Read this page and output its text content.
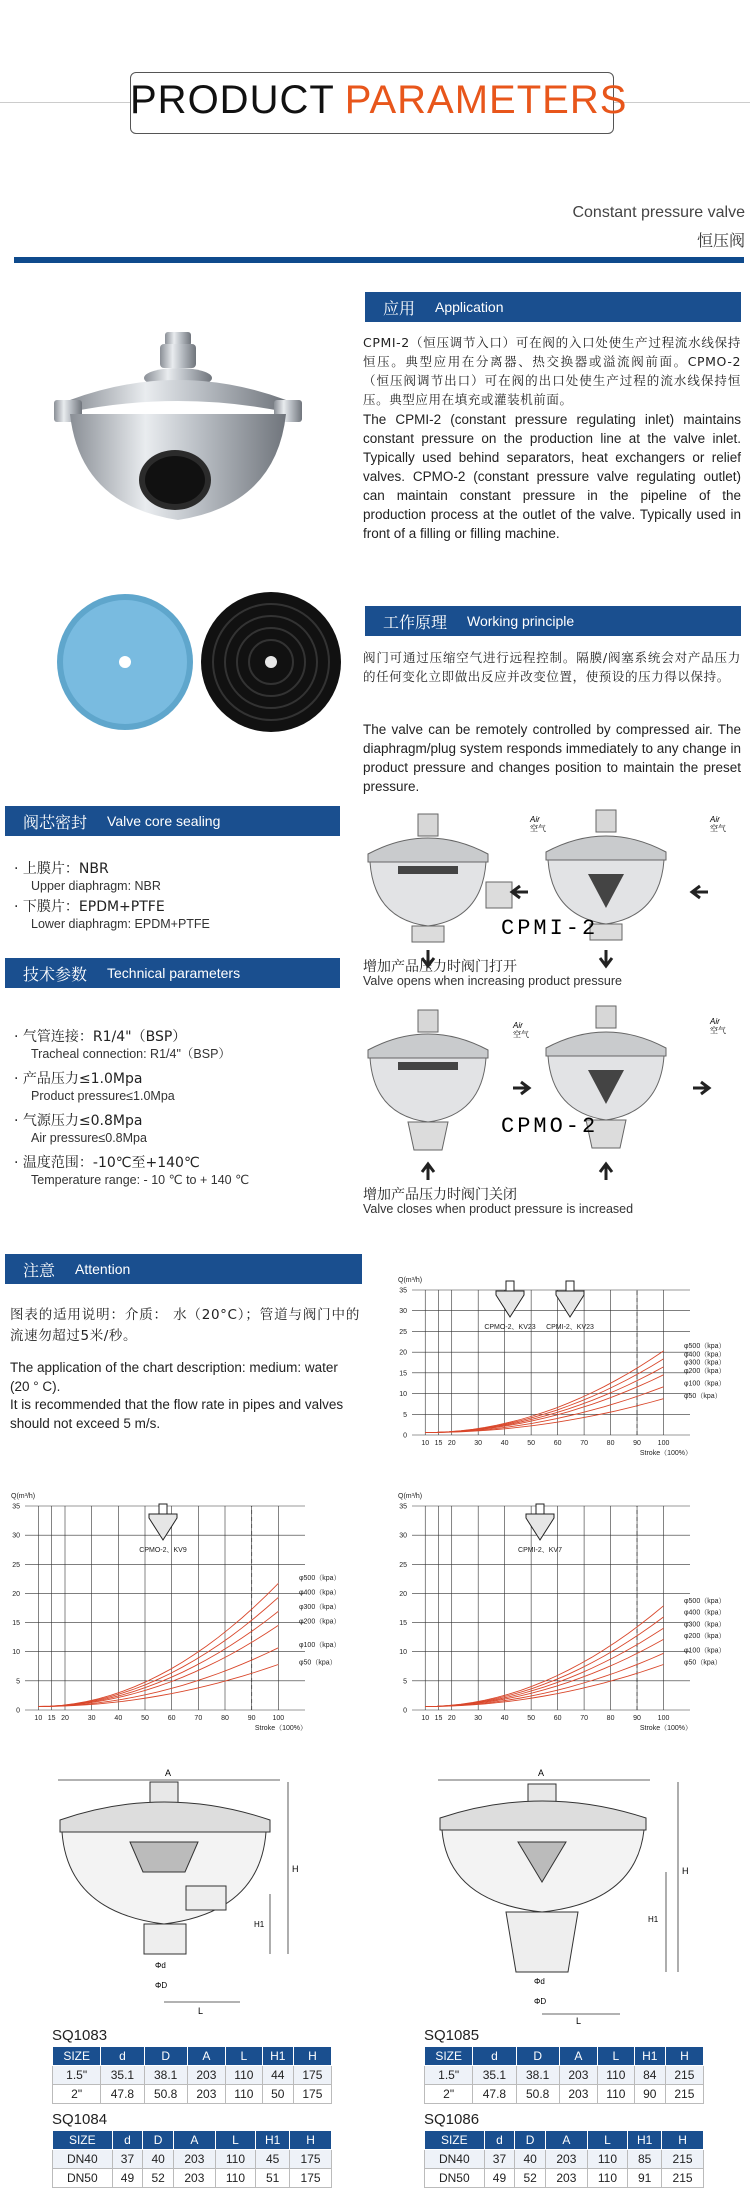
PRODUCT PARAMETERS
Constant pressure valve
恒压阀
应用 Application
CPMI-2（恒压调节入口）可在阀的入口处使生产过程流水线保持恒压。典型应用在分离器、热交换器或溢流阀前面。CPMO-2（恒压阀调节出口）可在阀的出口处使生产过程的流水线保持恒压。典型应用在填充或灌装机前面。
The CPMI-2 (constant pressure regulating inlet) maintains constant pressure on the production line at the valve inlet. Typically used behind separators, heat exchangers or relief valves. CPMO-2 (constant pressure valve regulating outlet) can maintain constant pressure in the pipeline of the production process at the outlet of the valve. Typically used in front of a filling or filling machine.
工作原理 Working principle
阀门可通过压缩空气进行远程控制。隔膜/阀塞系统会对产品压力的任何变化立即做出反应并改变位置，使预设的压力得以保持。
The valve can be remotely controlled by compressed air. The diaphragm/plug system responds immediately to any change in product pressure and changes position to maintain the preset pressure.
阀芯密封 Valve core sealing
· 上膜片：NBR
Upper diaphragm: NBR
· 下膜片：EPDM+PTFE
Lower diaphragm: EPDM+PTFE
技术参数 Technical parameters
· 气管连接：R1/4"（BSP）
Tracheal connection: R1/4"（BSP）
· 产品压力≤1.0Mpa
Product pressure≤1.0Mpa
· 气源压力≤0.8Mpa
Air pressure≤0.8Mpa
· 温度范围：-10℃至+140℃
Temperature range: - 10 ℃ to + 140 ℃
Air
空气
Air
空气
CPMI-2
增加产品压力时阀门打开
Valve opens when increasing product pressure
Air
空气
Air
空气
CPMO-2
增加产品压力时阀门关闭
Valve closes when product pressure is increased
注意 Attention
图表的适用说明：介质： 水（20°C）；管道与阀门中的流速勿超过5米/秒。
The application of the chart description: medium: water (20 ° C).
It is recommended that the flow rate in pipes and valves should not exceed 5 m/s.
0
5
10
15
20
25
30
35
10 15 20	30	40	50	60	70	80	90 100
Q(m³/h)
Stroke（100%）
CPMO-2、KV23 CPMI-2、KV23
φ500（kpa）
φ400（kpa）
φ300（kpa）
φ200（kpa）
φ100（kpa）
φ50（kpa）
0
5
10
15
20
25
30
35
10 15 20	30	40	50	60	70	80	90 100
Q(m³/h)
Stroke（100%）
CPMO-2、KV9
φ500（kpa）
φ400（kpa）
φ300（kpa）
φ200（kpa）
φ100（kpa）
φ50（kpa）
0
5
10
15
20
25
30
35
10 15 20	30	40	50	60	70	80	90 100
Q(m³/h)
Stroke（100%）
CPMI-2、KV7
φ500（kpa）
φ400（kpa）
φ300（kpa）
φ200（kpa）
φ100（kpa）
φ50（kpa）
A
H
H1
Φd
ΦD
L
A
H
H1
Φd
ΦD
L
SQ1083
SIZE	d	D	A	L	H1	H
1.5"	35.1	38.1	203	110	44	175
2"	47.8	50.8	203	110	50	175
SQ1085
SIZE	d	D	A	L	H1	H
1.5"	35.1	38.1	203	110	84	215
2"	47.8	50.8	203	110	90	215
SQ1084
SIZE	d	D	A	L	H1	H
DN40	37	40	203	110	45	175
DN50	49	52	203	110	51	175
SQ1086
SIZE	d	D	A	L	H1	H
DN40	37	40	203	110	85	215
DN50	49	52	203	110	91	215
